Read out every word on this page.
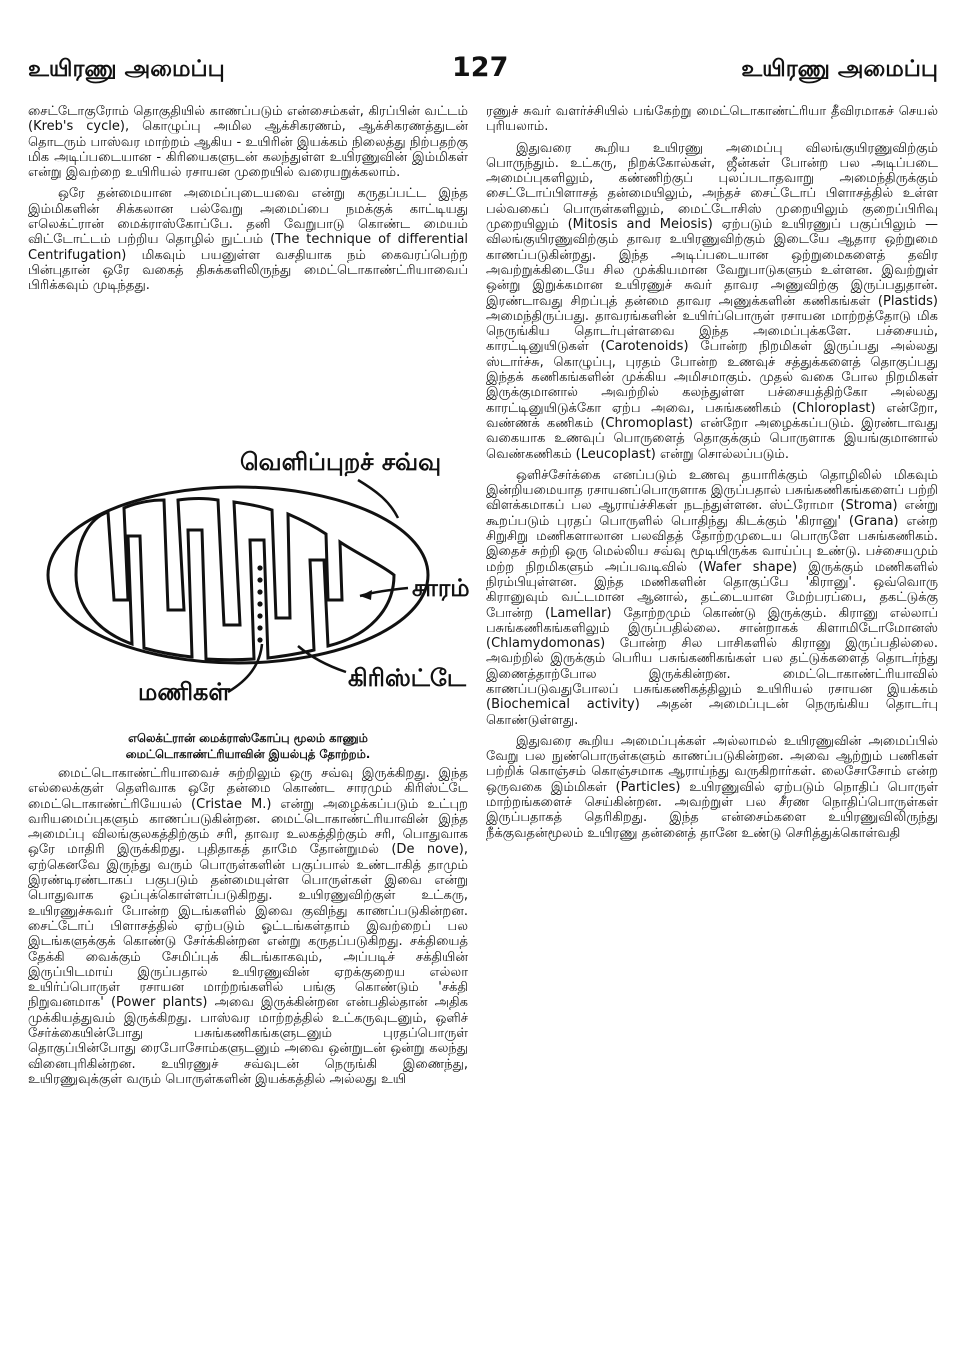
உயிரணு அமைப்பு	127	உயிரணு அமைப்பு

சைட்டோகுரோம் தொகுதியில் காணப்படும் என்சைம்கள், கிரப்பின் வட்டம் (Kreb's cycle), கொழுப்பு அமில ஆக்சிகரணம், ஆக்சிகரணத்துடன் தொடரும் பாஸ்வர மாற்றம் ஆகிய - உயிரின் இயக்கம் நிலைத்து நிற்பதற்கு மிக அடிப்படையான - கிரியைகளுடன் கலந்துள்ள உயிரணுவின் இம்மிகள் என்று இவற்றை உயிரியல் ரசாயன முறையில் வரையறுக்கலாம்.

ஒரே தன்மையான அமைப்புடையவை என்று கருதப்பட்ட இந்த இம்மிகளின் சிக்கலான பல்வேறு அமைப்பை நமக்குக் காட்டியது எலெக்ட்ரான் மைக்ராஸ்கோப்பே. தனி வேறுபாடு கொண்ட மையம் விட்டோட்டம் பற்றிய தொழில் நுட்பம் (The technique of differential Centrifugation) மிகவும் பயனுள்ள வசதியாக நம் கைவரப்பெற்ற பின்புதான் ஒரே வகைத் திசுக்களிலிருந்து மைட்டொகாண்ட்ரியாவைப் பிரிக்கவும் முடிந்தது.

வெளிப்புறச் சவ்வு
சாரம்
கிரிஸ்ட்டே
மணிகள்
எலெக்ட்ரான் மைக்ராஸ்கோப்பு மூலம் காணும்
மைட்டொகாண்ட்ரியாவின் இயல்புத் தோற்றம்.

மைட்டொகாண்ட்ரியாவைச் சுற்றிலும் ஒரு சவ்வு இருக்கிறது. இந்த எல்லைக்குள் தெளிவாக ஒரே தன்மை கொண்ட சாரமும் கிரிஸ்ட்டே மைட்டொகாண்ட்ரியேயல் (Cristae M.) என்று அழைக்கப்படும் உட்புற வரியமைப்புகளும் காணப்படுகின்றன. மைட்டொகாண்ட்ரியாவின் இந்த அமைப்பு விலங்குலகத்திற்கும் சரி, தாவர உலகத்திற்கும் சரி, பொதுவாக ஒரே மாதிரி இருக்கிறது. புதிதாகத் தாமே தோன்றுமல் (De nove), ஏற்கெனவே இருந்து வரும் பொருள்களின் பகுப்பால் உண்டாகித் தாமும் இரண்டிரண்டாகப் பகுபடும் தன்மையுள்ள பொருள்கள் இவை என்று பொதுவாக ஒப்புக்கொள்ளப்படுகிறது. உயிரணுவிற்குள் உட்கரு, உயிரணுச்சுவர் போன்ற இடங்களில் இவை குவிந்து காணப்படுகின்றன. சைட்டோப் பிளாசத்தில் ஏற்படும் ஓட்டங்கள்தாம் இவற்றைப் பல இடங்களுக்குக் கொண்டு சேர்க்கின்றன என்று கருதப்படுகிறது. சக்தியைத் தேக்கி வைக்கும் சேமிப்புக் கிடங்காகவும், அப்படிச் சக்தியின் இருப்பிடமாய் இருப்பதால் உயிரணுவின் ஏறக்குறைய எல்லா உயிர்ப்பொருள் ரசாயன மாற்றங்களில் பங்கு கொண்டும் 'சக்தி நிறுவனமாக' (Power plants) அவை இருக்கின்றன என்பதில்தான் அதிக முக்கியத்துவம் இருக்கிறது. பாஸ்வர மாற்றத்தில் உட்கருவுடனும், ஒளிச் சேர்க்கையின்போது பசுங்கணிகங்களுடனும் புரதப்பொருள் தொகுப்பின்போது ரைபோசோம்களுடனும் அவை ஒன்றுடன் ஒன்று கலந்து வினைபுரிகின்றன. உயிரணுச் சவ்வுடன் நெருங்கி இணைந்து, உயிரணுவுக்குள் வரும் பொருள்களின் இயக்கத்தில் அல்லது உயி

ரணுச் சுவர் வளர்ச்சியில் பங்கேற்று மைட்டொகாண்ட்ரியா தீவிரமாகச் செயல் புரியலாம்.

இதுவரை கூறிய உயிரணு அமைப்பு விலங்குயிரணுவிற்கும் பொருந்தும். உட்கரு, நிறக்கோல்கள், ஜீன்கள் போன்ற பல அடிப்படை அமைப்புகளிலும், கண்ணிற்குப் புலப்படாதவாறு அமைந்திருக்கும் சைட்டோப்பிளாசத் தன்மையிலும், அந்தச் சைட்டோப் பிளாசத்தில் உள்ள பல்வகைப் பொருள்களிலும், மைட்டோசிஸ் முறையிலும் குறைப்பிரிவு முறையிலும் (Mitosis and Meiosis) ஏற்படும் உயிரணுப் பகுப்பிலும் —விலங்குயிரணுவிற்கும் தாவர உயிரணுவிற்கும் இடையே ஆதார ஒற்றுமை காணப்படுகின்றது. இந்த அடிப்படையான ஒற்றுமைகளைத் தவிர அவற்றுக்கிடையே சில முக்கியமான வேறுபாடுகளும் உள்ளன. இவற்றுள் ஒன்று இறுக்கமான உயிரணுச் சுவர் தாவர அணுவிற்கு இருப்பதுதான். இரண்டாவது சிறப்புத் தன்மை தாவர அணுக்களின் கணிகங்கள் (Plastids) அமைந்திருப்பது. தாவரங்களின் உயிர்ப்பொருள் ரசாயன மாற்றத்தோடு மிக நெருங்கிய தொடர்புள்ளவை இந்த அமைப்புக்களே. பச்சையம், காரட்டினுயிடுகள் (Carotenoids) போன்ற நிறமிகள் இருப்பது அல்லது ஸ்டார்ச்சு, கொழுப்பு, புரதம் போன்ற உணவுச் சத்துக்களைத் தொகுப்பது இந்தக் கணிகங்களின் முக்கிய அமிசமாகும். முதல் வகை போல நிறமிகள் இருக்குமானால் அவற்றில் கலந்துள்ள பச்சையத்திற்கோ அல்லது காரட்டினுயிடுக்கோ ஏற்ப அவை, பசுங்கணிகம் (Chloroplast) என்றோ, வண்ணக் கணிகம் (Chromoplast) என்றோ அழைக்கப்படும். இரண்டாவது வகையாக உணவுப் பொருளைத் தொகுக்கும் பொருளாக இயங்குமானால் வெண்கணிகம் (Leucoplast) என்று சொல்லப்படும்.

ஒளிச்சேர்க்கை எனப்படும் உணவு தயாரிக்கும் தொழிலில் மிகவும் இன்றியமையாத ரசாயனப்பொருளாக இருப்பதால் பசுங்கணிகங்களைப் பற்றி விளக்கமாகப் பல ஆராய்ச்சிகள் நடந்துள்ளன. ஸ்ட்ரோமா (Stroma) என்று கூறப்படும் புரதப் பொருளில் பொதிந்து கிடக்கும் 'கிரானு' (Grana) என்ற சிறுசிறு மணிகளாலான பலவிதத் தோற்றமுடைய பொருளே பசுங்கணிகம். இதைச் சுற்றி ஒரு மெல்லிய சவ்வு மூடியிருக்க வாய்ப்பு உண்டு. பச்சையமும் மற்ற நிறமிகளும் அப்பவடிவில் (Wafer shape) இருக்கும் மணிகளில் நிரம்பியுள்ளன. இந்த மணிகளின் தொகுப்பே 'கிரானு'. ஒவ்வொரு கிரானுவும் வட்டமான ஆனால், தட்டையான மேற்பரப்பை, தகட்டுக்கு போன்ற (Lamellar) தோற்றமும் கொண்டு இருக்கும். கிரானு எல்லாப் பசுங்கணிகங்களிலும் இருப்பதில்லை. சான்றாகக் கிளாமிடோமோனஸ் (Chlamydomonas) போன்ற சில பாசிகளில் கிரானு இருப்பதில்லை. அவற்றில் இருக்கும் பெரிய பசுங்கணிகங்கள் பல தட்டுக்களைத் தொடர்ந்து இணைத்தாற்போல இருக்கின்றன. மைட்டொகாண்ட்ரியாவில் காணப்படுவதுபோலப் பசுங்கணிகத்திலும் உயிரியல் ரசாயன இயக்கம் (Biochemical activity) அதன் அமைப்புடன் நெருங்கிய தொடர்பு கொண்டுள்ளது.

இதுவரை கூறிய அமைப்புக்கள் அல்லாமல் உயிரணுவின் அமைப்பில் வேறு பல நுண்பொருள்களும் காணப்படுகின்றன. அவை ஆற்றும் பணிகள் பற்றிக் கொஞ்சம் கொஞ்சமாக ஆராய்ந்து வருகிறார்கள். லைசோசோம் என்ற ஒருவகை இம்மிகள் (Particles) உயிரணுவில் ஏற்படும் நொதிப் பொருள் மாற்றங்களைச் செய்கின்றன. அவற்றுள் பல சீரண நொதிப்பொருள்கள் இருப்பதாகத் தெரிகிறது. இந்த என்சைம்களை உயிரணுவிலிருந்து நீக்குவதன்மூலம் உயிரணு தன்னைத் தானே உண்டு செரித்துக்கொள்வதி
